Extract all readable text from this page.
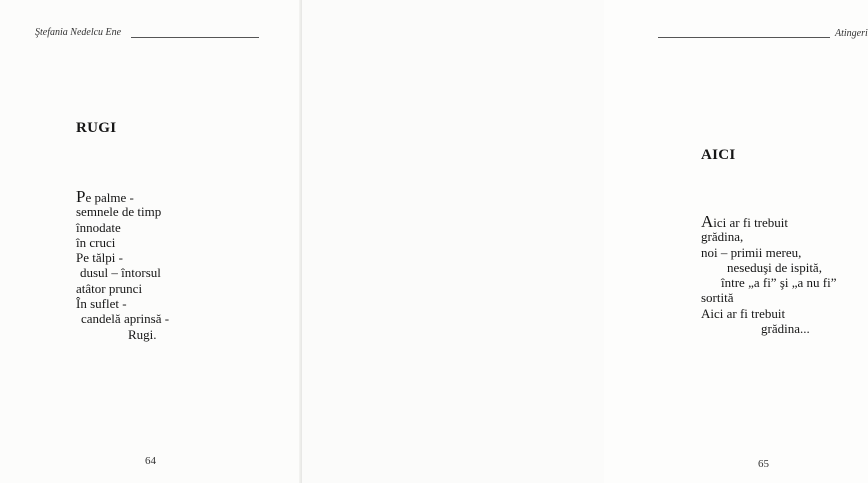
Ştefania Nedelcu Ene
RUGI
Pe palme -
semnele de timp
înnodate
în cruci
Pe tălpi -
dusul – întorsul
atâtor prunci
În suflet -
candelă aprinsă -
Rugi.
64
Atingeri
AICI
Aici ar fi trebuit
grădina,
noi – primii mereu,
neseduşi de ispită,
între „a fi” şi „a nu fi”
sortită
Aici ar fi trebuit
grădina...
65
